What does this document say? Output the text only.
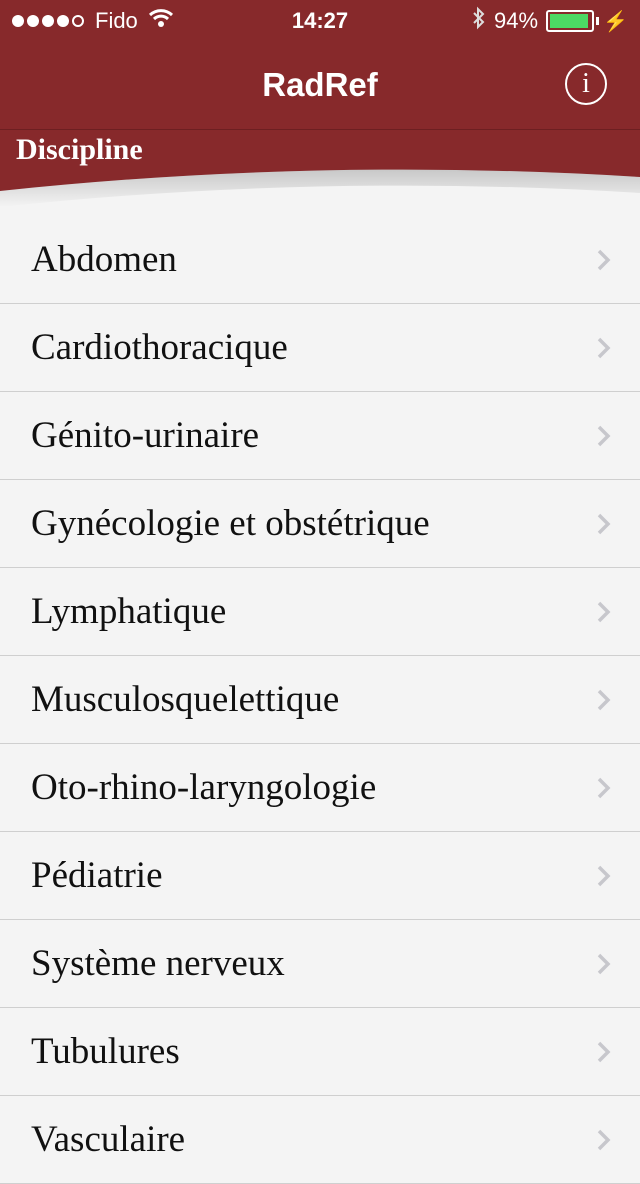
Fido	14:27	94%	⚡
RadRef	i
Discipline
Abdomen
Cardiothoracique
Génito-urinaire
Gynécologie et obstétrique
Lymphatique
Musculosquelettique
Oto-rhino-laryngologie
Pédiatrie
Système nerveux
Tubulures
Vasculaire
